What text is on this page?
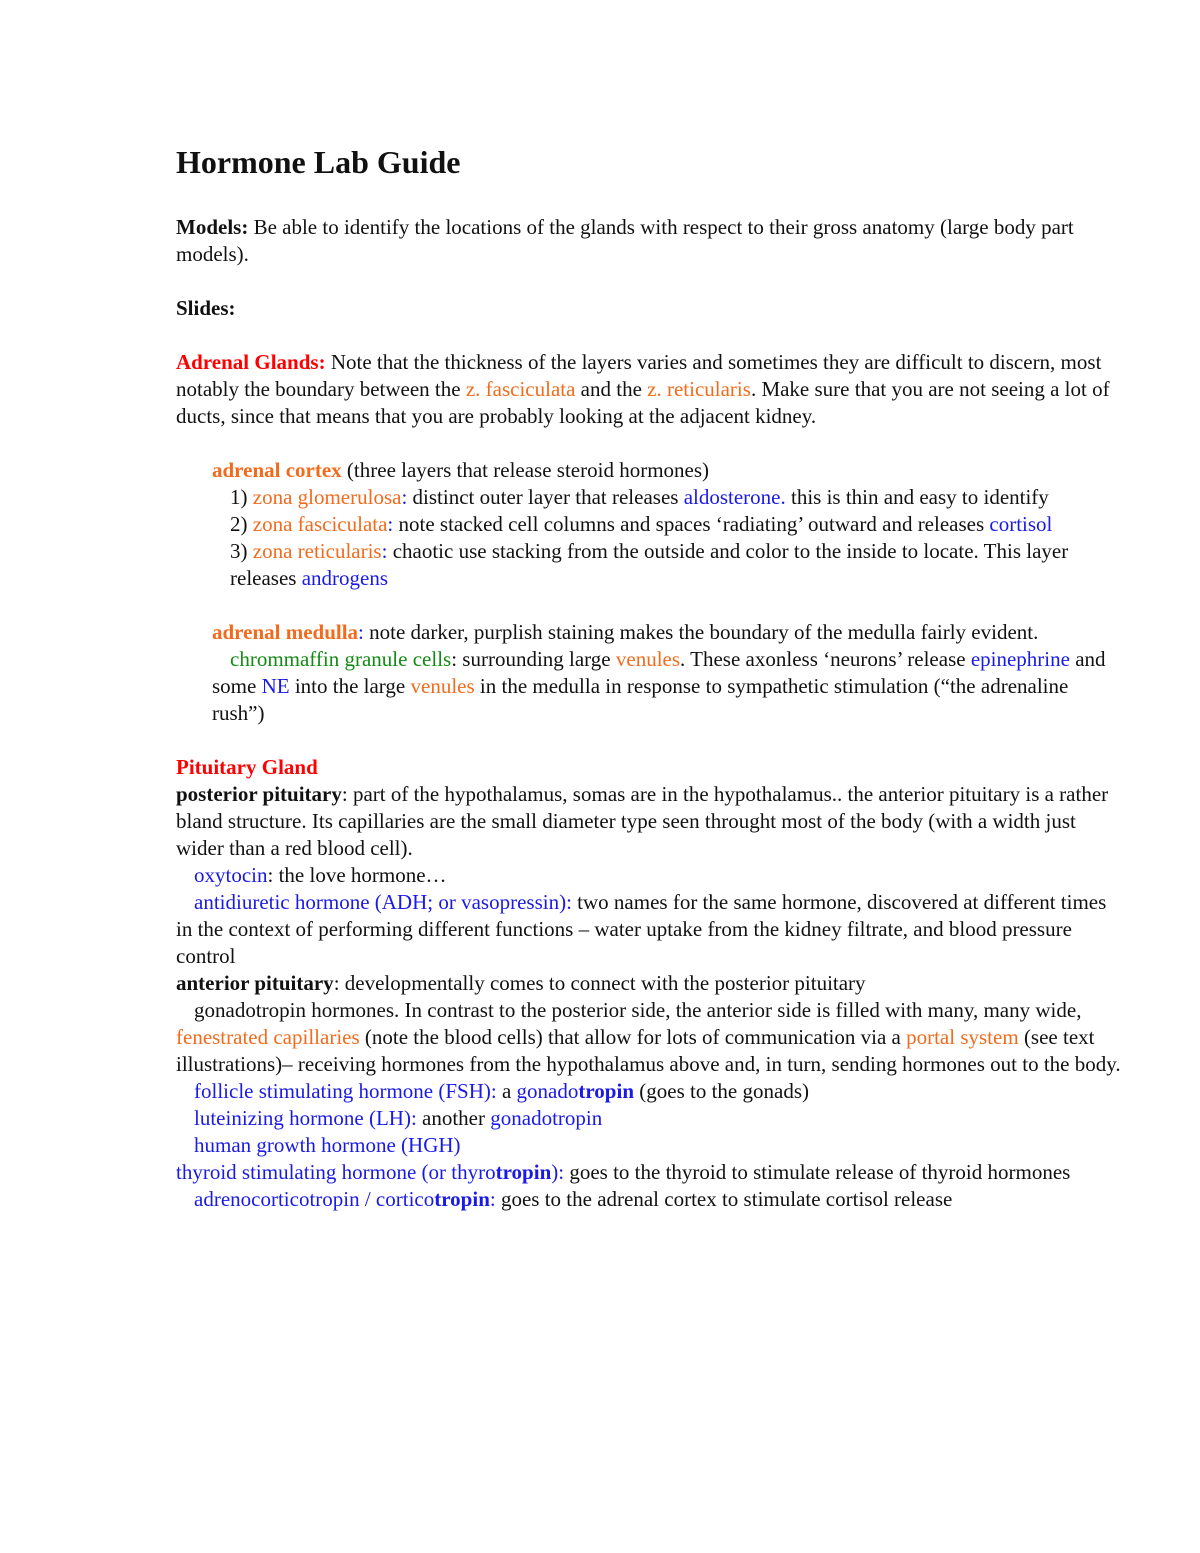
Hormone Lab Guide

Models: Be able to identify the locations of the glands with respect to their gross anatomy (large body part models).

Slides:

Adrenal Glands: Note that the thickness of the layers varies and sometimes they are difficult to discern, most notably the boundary between the z. fasciculata and the z. reticularis. Make sure that you are not seeing a lot of ducts, since that means that you are probably looking at the adjacent kidney.

adrenal cortex (three layers that release steroid hormones)

1) zona glomerulosa: distinct outer layer that releases aldosterone. this is thin and easy to identify

2) zona fasciculata: note stacked cell columns and spaces ‘radiating’ outward and releases cortisol

3) zona reticularis: chaotic use stacking from the outside and color to the inside to locate. This layer releases androgens

adrenal medulla: note darker, purplish staining makes the boundary of the medulla fairly evident.

chrommaffin granule cells: surrounding large venules. These axonless ‘neurons’ release epinephrine and some NE into the large venules in the medulla in response to sympathetic stimulation (“the adrenaline rush”)

Pituitary Gland

posterior pituitary: part of the hypothalamus, somas are in the hypothalamus.. the anterior pituitary is a rather bland structure. Its capillaries are the small diameter type seen throught most of the body (with a width just wider than a red blood cell).

oxytocin: the love hormone…

antidiuretic hormone (ADH; or vasopressin): two names for the same hormone, discovered at different times in the context of performing different functions – water uptake from the kidney filtrate, and blood pressure control

anterior pituitary: developmentally comes to connect with the posterior pituitary

gonadotropin hormones. In contrast to the posterior side, the anterior side is filled with many, many wide, fenestrated capillaries (note the blood cells) that allow for lots of communication via a portal system (see text illustrations)– receiving hormones from the hypothalamus above and, in turn, sending hormones out to the body.

follicle stimulating hormone (FSH): a gonadotropin (goes to the gonads)

luteinizing hormone (LH): another gonadotropin

human growth hormone (HGH)

thyroid stimulating hormone (or thyrotropin): goes to the thyroid to stimulate release of thyroid hormones

adrenocorticotropin / corticotropin: goes to the adrenal cortex to stimulate cortisol release
